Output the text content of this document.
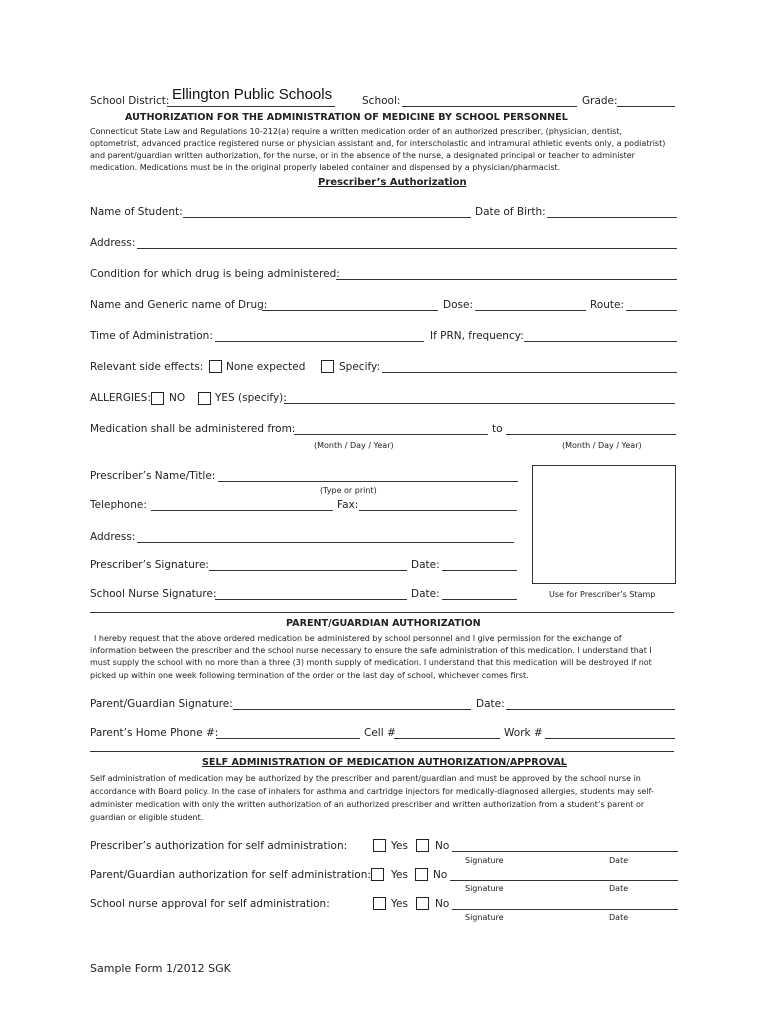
School District: Ellington Public Schools	School:	Grade:
AUTHORIZATION FOR THE ADMINISTRATION OF MEDICINE BY SCHOOL PERSONNEL
Connecticut State Law and Regulations 10-212(a) require a written medication order of an authorized prescriber, (physician, dentist,
optometrist, advanced practice registered nurse or physician assistant and, for interscholastic and intramural athletic events only, a podiatrist)
and parent/guardian written authorization, for the nurse, or in the absence of the nurse, a designated principal or teacher to administer
medication. Medications must be in the original properly labeled container and dispensed by a physician/pharmacist.
Prescriber’s Authorization
Name of Student:	Date of Birth:
Address:
Condition for which drug is being administered:
Name and Generic name of Drug:	Dose:	Route:
Time of Administration:	If PRN, frequency:
Relevant side effects: None expected	Specify:
ALLERGIES: NO	YES (specify):
Medication shall be administered from:	to
(Month / Day / Year)	(Month / Day / Year)
Prescriber’s Name/Title:
(Type or print)
Telephone:	Fax:
Address:
Prescriber’s Signature:	Date:
School Nurse Signature:	Date:	Use for Prescriber’s Stamp
PARENT/GUARDIAN AUTHORIZATION
I hereby request that the above ordered medication be administered by school personnel and I give permission for the exchange of
information between the prescriber and the school nurse necessary to ensure the safe administration of this medication. I understand that I
must supply the school with no more than a three (3) month supply of medication. I understand that this medication will be destroyed if not
picked up within one week following termination of the order or the last day of school, whichever comes first.
Parent/Guardian Signature:	Date:
Parent’s Home Phone #:	Cell #	Work #
SELF ADMINISTRATION OF MEDICATION AUTHORIZATION/APPROVAL
Self administration of medication may be authorized by the prescriber and parent/guardian and must be approved by the school nurse in
accordance with Board policy. In the case of inhalers for asthma and cartridge injectors for medically-diagnosed allergies, students may self-
administer medication with only the written authorization of an authorized prescriber and written authorization from a student’s parent or
guardian or eligible student.
Prescriber’s authorization for self administration:	Yes	No
Signature	Date
Parent/Guardian authorization for self administration: Yes No
Signature	Date
School nurse approval for self administration:	Yes	No
Signature	Date
Sample Form 1/2012 SGK
